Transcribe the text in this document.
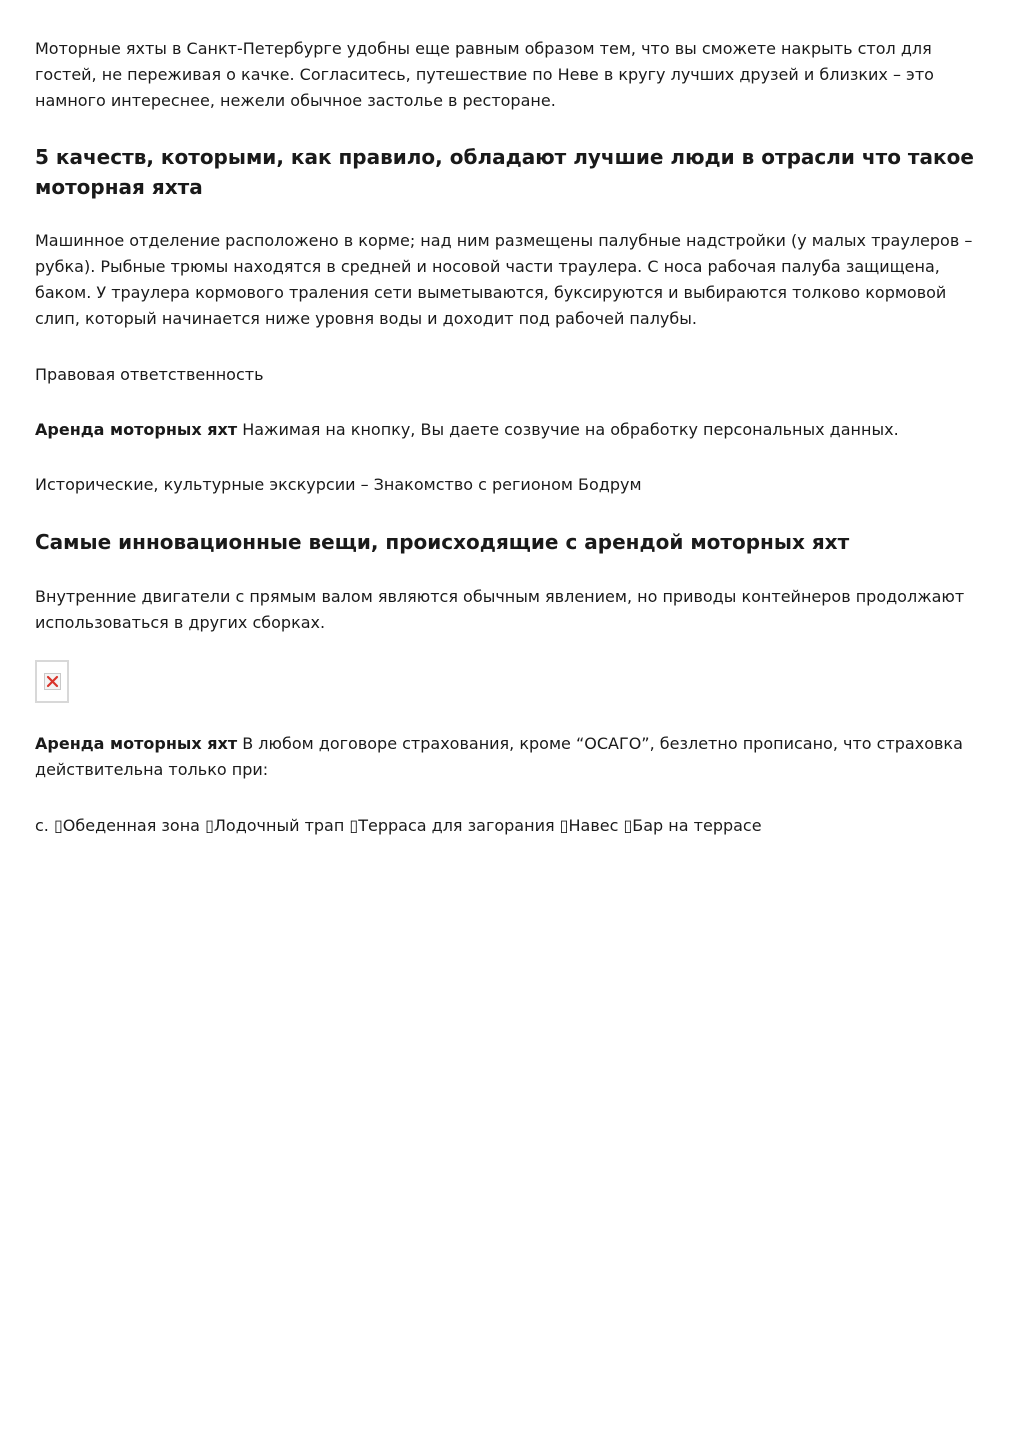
Моторные яхты в Санкт-Петербурге удобны еще равным образом тем, что вы сможете накрыть стол для гостей, не переживая о качке. Согласитесь, путешествие по Неве в кругу лучших друзей и близких – это намного интереснее, нежели обычное застолье в ресторане.

5 качеств, которыми, как правило, обладают лучшие люди в отрасли что такое моторная яхта

Машинное отделение расположено в корме; над ним размещены палубные надстройки (у малых траулеров – рубка). Рыбные трюмы находятся в средней и носовой части траулера. С носа рабочая палуба защищена, баком. У траулера кормового траления сети выметываются, буксируются и выбираются толково кормовой слип, который начинается ниже уровня воды и доходит под рабочей палубы.

Правовая ответственность

Аренда моторных яхт Нажимая на кнопку, Вы даете созвучие на обработку персональных данных.

Исторические, культурные экскурсии – Знакомство с регионом Бодрум

Самые инновационные вещи, происходящие с арендой моторных яхт

Внутренние двигатели с прямым валом являются обычным явлением, но приводы контейнеров продолжают использоваться в других сборках.

Аренда моторных яхт В любом договоре страхования, кроме “ОСАГО”, безлетно прописано, что страховка действительна только при:

с. ▯Обеденная зона ▯Лодочный трап ▯Терраса для загорания ▯Навес ▯Бар на террасе
